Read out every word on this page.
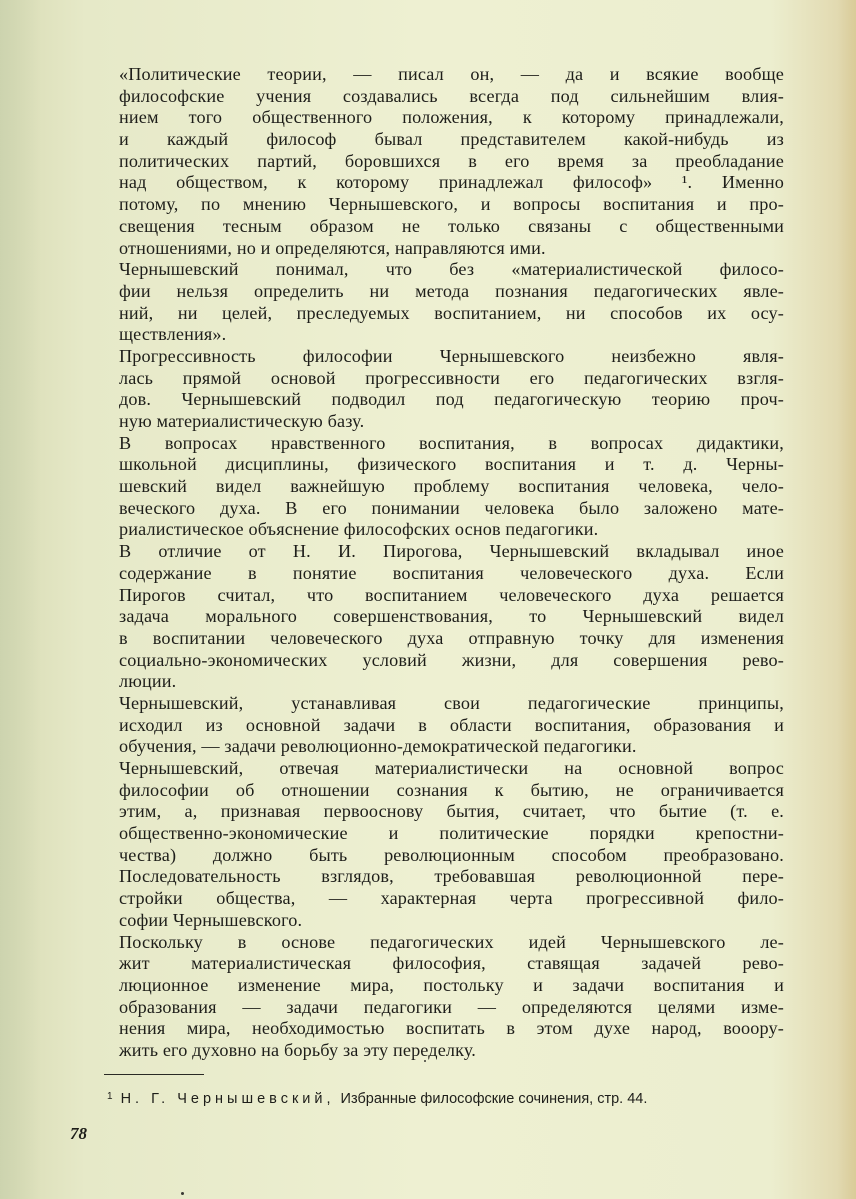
«Политические теории, — писал он, — да и всякие вообще
философские учения создавались всегда под сильнейшим влия-
нием того общественного положения, к которому принадлежали,
и каждый философ бывал представителем какой-нибудь из
политических партий, боровшихся в его время за преобладание
над обществом, к которому принадлежал философ» ¹. Именно
потому, по мнению Чернышевского, и вопросы воспитания и про-
свещения тесным образом не только связаны с общественными
отношениями, но и определяются, направляются ими.
Чернышевский понимал, что без «материалистической филосо-
фии нельзя определить ни метода познания педагогических явле-
ний, ни целей, преследуемых воспитанием, ни способов их осу-
ществления».
Прогрессивность философии Чернышевского неизбежно явля-
лась прямой основой прогрессивности его педагогических взгля-
дов. Чернышевский подводил под педагогическую теорию проч-
ную материалистическую базу.
В вопросах нравственного воспитания, в вопросах дидактики,
школьной дисциплины, физического воспитания и т. д. Черны-
шевский видел важнейшую проблему воспитания человека, чело-
веческого духа. В его понимании человека было заложено мате-
риалистическое объяснение философских основ педагогики.
В отличие от Н. И. Пирогова, Чернышевский вкладывал иное
содержание в понятие воспитания человеческого духа. Если
Пирогов считал, что воспитанием человеческого духа решается
задача морального совершенствования, то Чернышевский видел
в воспитании человеческого духа отправную точку для изменения
социально-экономических условий жизни, для совершения рево-
люции.
Чернышевский, устанавливая свои педагогические принципы,
исходил из основной задачи в области воспитания, образования и
обучения, — задачи революционно-демократической педагогики.
Чернышевский, отвечая материалистически на основной вопрос
философии об отношении сознания к бытию, не ограничивается
этим, а, признавая первооснову бытия, считает, что бытие (т. е.
общественно-экономические и политические порядки крепостни-
чества) должно быть революционным способом преобразовано.
Последовательность взглядов, требовавшая революционной пере-
стройки общества, — характерная черта прогрессивной фило-
софии Чернышевского.
Поскольку в основе педагогических идей Чернышевского ле-
жит материалистическая философия, ставящая задачей рево-
люционное изменение мира, постольку и задачи воспитания и
образования — задачи педагогики — определяются целями изме-
нения мира, необходимостью воспитать в этом духе народ, вооору-
жить его духовно на борьбу за эту переделку.
$^1$ Н. Г. Чернышевский, Избранные философские сочинения, стр. 44.
78
